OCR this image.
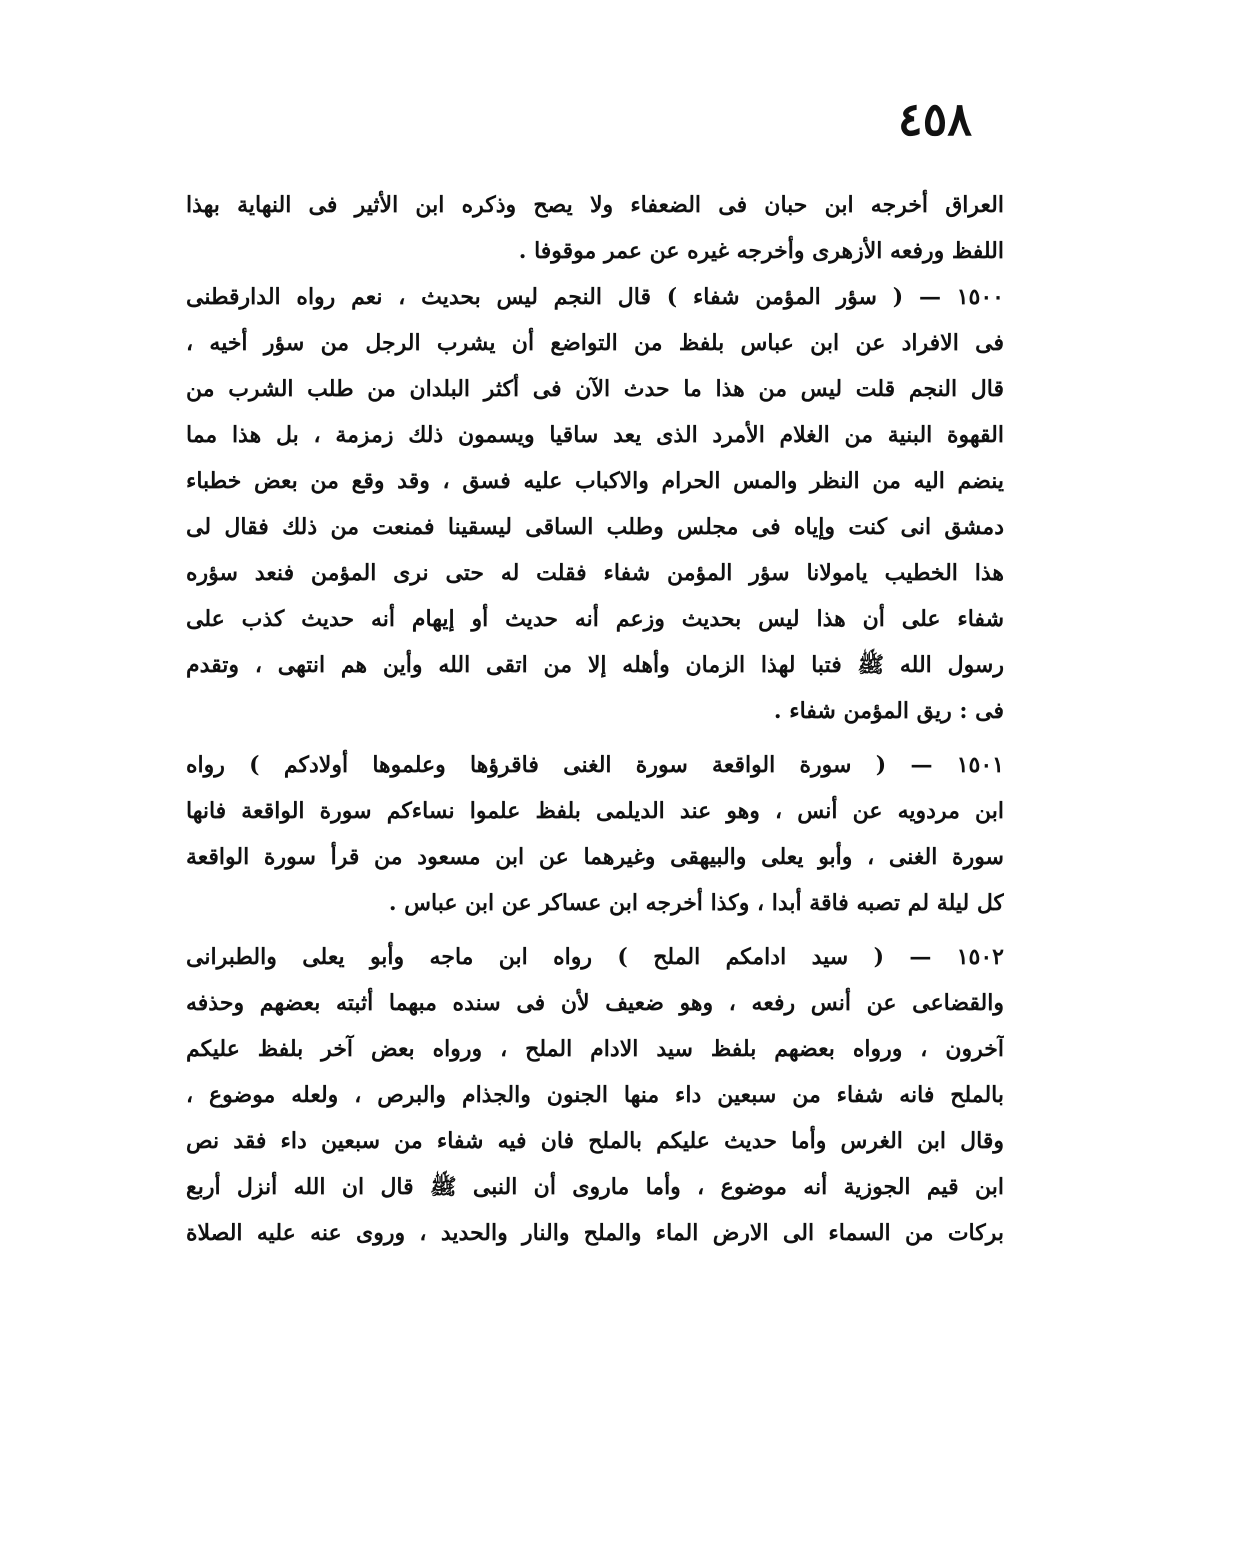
٤٥٨
العراق أخرجه ابن حبان فى الضعفاء ولا يصح وذكره ابن الأثير فى النهاية بهذا
اللفظ ورفعه الأزهرى وأخرجه غيره عن عمر موقوفا .
١٥٠٠ — ( سؤر المؤمن شفاء ) قال النجم ليس بحديث ، نعم رواه الدارقطنى
فى الافراد عن ابن عباس بلفظ من التواضع أن يشرب الرجل من سؤر أخيه ،
قال النجم قلت ليس من هذا ما حدث الآن فى أكثر البلدان من طلب الشرب من
القهوة البنية من الغلام الأمرد الذى يعد ساقيا ويسمون ذلك زمزمة ، بل هذا مما
ينضم اليه من النظر والمس الحرام والاكباب عليه فسق ، وقد وقع من بعض خطباء
دمشق انى كنت وإياه فى مجلس وطلب الساقى ليسقينا فمنعت من ذلك فقال لى
هذا الخطيب يامولانا سؤر المؤمن شفاء فقلت له حتى نرى المؤمن فنعد سؤره
شفاء على أن هذا ليس بحديث وزعم أنه حديث أو إيهام أنه حديث كذب على
رسول الله ﷺ فتبا لهذا الزمان وأهله إلا من اتقى الله وأين هم انتهى ، وتقدم
فى : ريق المؤمن شفاء .
١٥٠١ — ( سورة الواقعة سورة الغنى فاقرؤها وعلموها أولادكم ) رواه
ابن مردويه عن أنس ، وهو عند الديلمى بلفظ علموا نساءكم سورة الواقعة فانها
سورة الغنى ، وأبو يعلى والبيهقى وغيرهما عن ابن مسعود من قرأ سورة الواقعة
كل ليلة لم تصبه فاقة أبدا ، وكذا أخرجه ابن عساكر عن ابن عباس .
١٥٠٢ — ( سيد ادامكم الملح ) رواه ابن ماجه وأبو يعلى والطبرانى
والقضاعى عن أنس رفعه ، وهو ضعيف لأن فى سنده مبهما أثبته بعضهم وحذفه
آخرون ، ورواه بعضهم بلفظ سيد الادام الملح ، ورواه بعض آخر بلفظ عليكم
بالملح فانه شفاء من سبعين داء منها الجنون والجذام والبرص ، ولعله موضوع ،
وقال ابن الغرس وأما حديث عليكم بالملح فان فيه شفاء من سبعين داء فقد نص
ابن قيم الجوزية أنه موضوع ، وأما ماروى أن النبى ﷺ قال ان الله أنزل أربع
بركات من السماء الى الارض الماء والملح والنار والحديد ، وروى عنه عليه الصلاة
